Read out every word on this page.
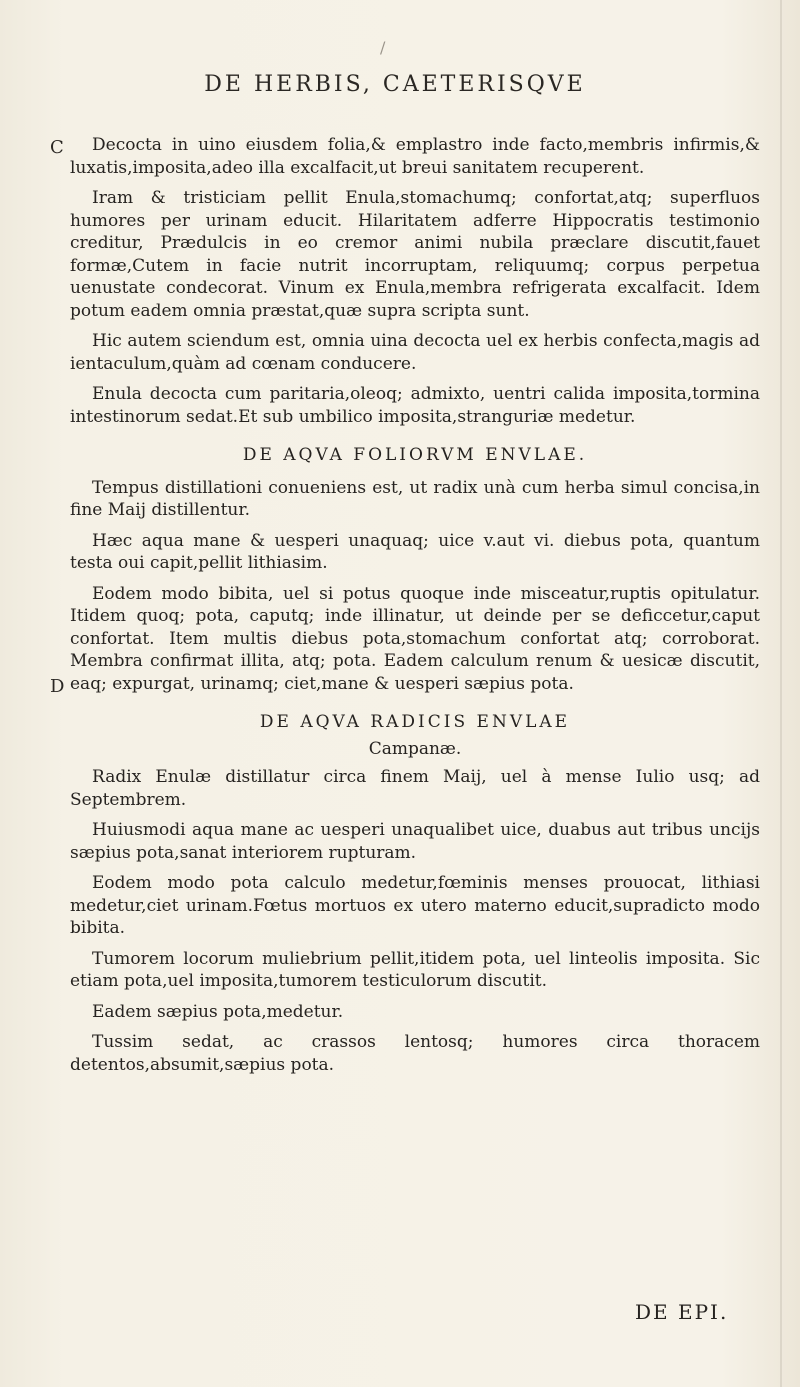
/
DE HERBIS, CAETERISQVE
C
D

Decocta in uino eiusdem folia,& emplastro inde facto,membris infirmis,& luxatis,imposita,adeo illa excalfacit,ut breui sanitatem recuperent.

Iram & tristiciam pellit Enula,stomachumq; confortat,atq; superfluos humores per urinam educit. Hilaritatem adferre Hippocratis testimonio creditur, Prædulcis in eo cremor animi nubila præclare discutit,fauet formæ,Cutem in facie nutrit incorruptam, reliquumq; corpus perpetua uenustate condecorat. Vinum ex Enula,membra refrigerata excalfacit. Idem potum eadem omnia præstat,quæ supra scripta sunt.

Hic autem sciendum est, omnia uina decocta uel ex herbis confecta,magis ad ientaculum,quàm ad cœnam conducere.

Enula decocta cum paritaria,oleoq; admixto, uentri calida imposita,tormina intestinorum sedat.Et sub umbilico imposita,stranguriæ medetur.

DE AQVA FOLIORVM ENVLAE.

Tempus distillationi conueniens est, ut radix unà cum herba simul concisa,in fine Maij distillentur.

Hæc aqua mane & uesperi unaquaq; uice v.aut vi. diebus pota, quantum testa oui capit,pellit lithiasim.

Eodem modo bibita, uel si potus quoque inde misceatur,ruptis opitulatur. Itidem quoq; pota, caputq; inde illinatur, ut deinde per se deficcetur,caput confortat. Item multis diebus pota,stomachum confortat atq; corroborat. Membra confirmat illita, atq; pota. Eadem calculum renum & uesicæ discutit, eaq; expurgat, urinamq; ciet,mane & uesperi sæpius pota.

DE AQVA RADICIS ENVLAE

Campanæ.

Radix Enulæ distillatur circa finem Maij, uel à mense Iulio usq; ad Septembrem.

Huiusmodi aqua mane ac uesperi unaqualibet uice, duabus aut tribus uncijs sæpius pota,sanat interiorem rupturam.

Eodem modo pota calculo medetur,fœminis menses prouocat, lithiasi medetur,ciet urinam.Fœtus mortuos ex utero materno educit,supradicto modo bibita.

Tumorem locorum muliebrium pellit,itidem pota, uel linteolis imposita. Sic etiam pota,uel imposita,tumorem testiculorum discutit.

Eadem sæpius pota,medetur.

Tussim sedat, ac crassos lentosq; humores circa thoracem detentos,absumit,sæpius pota.

DE EPI.
